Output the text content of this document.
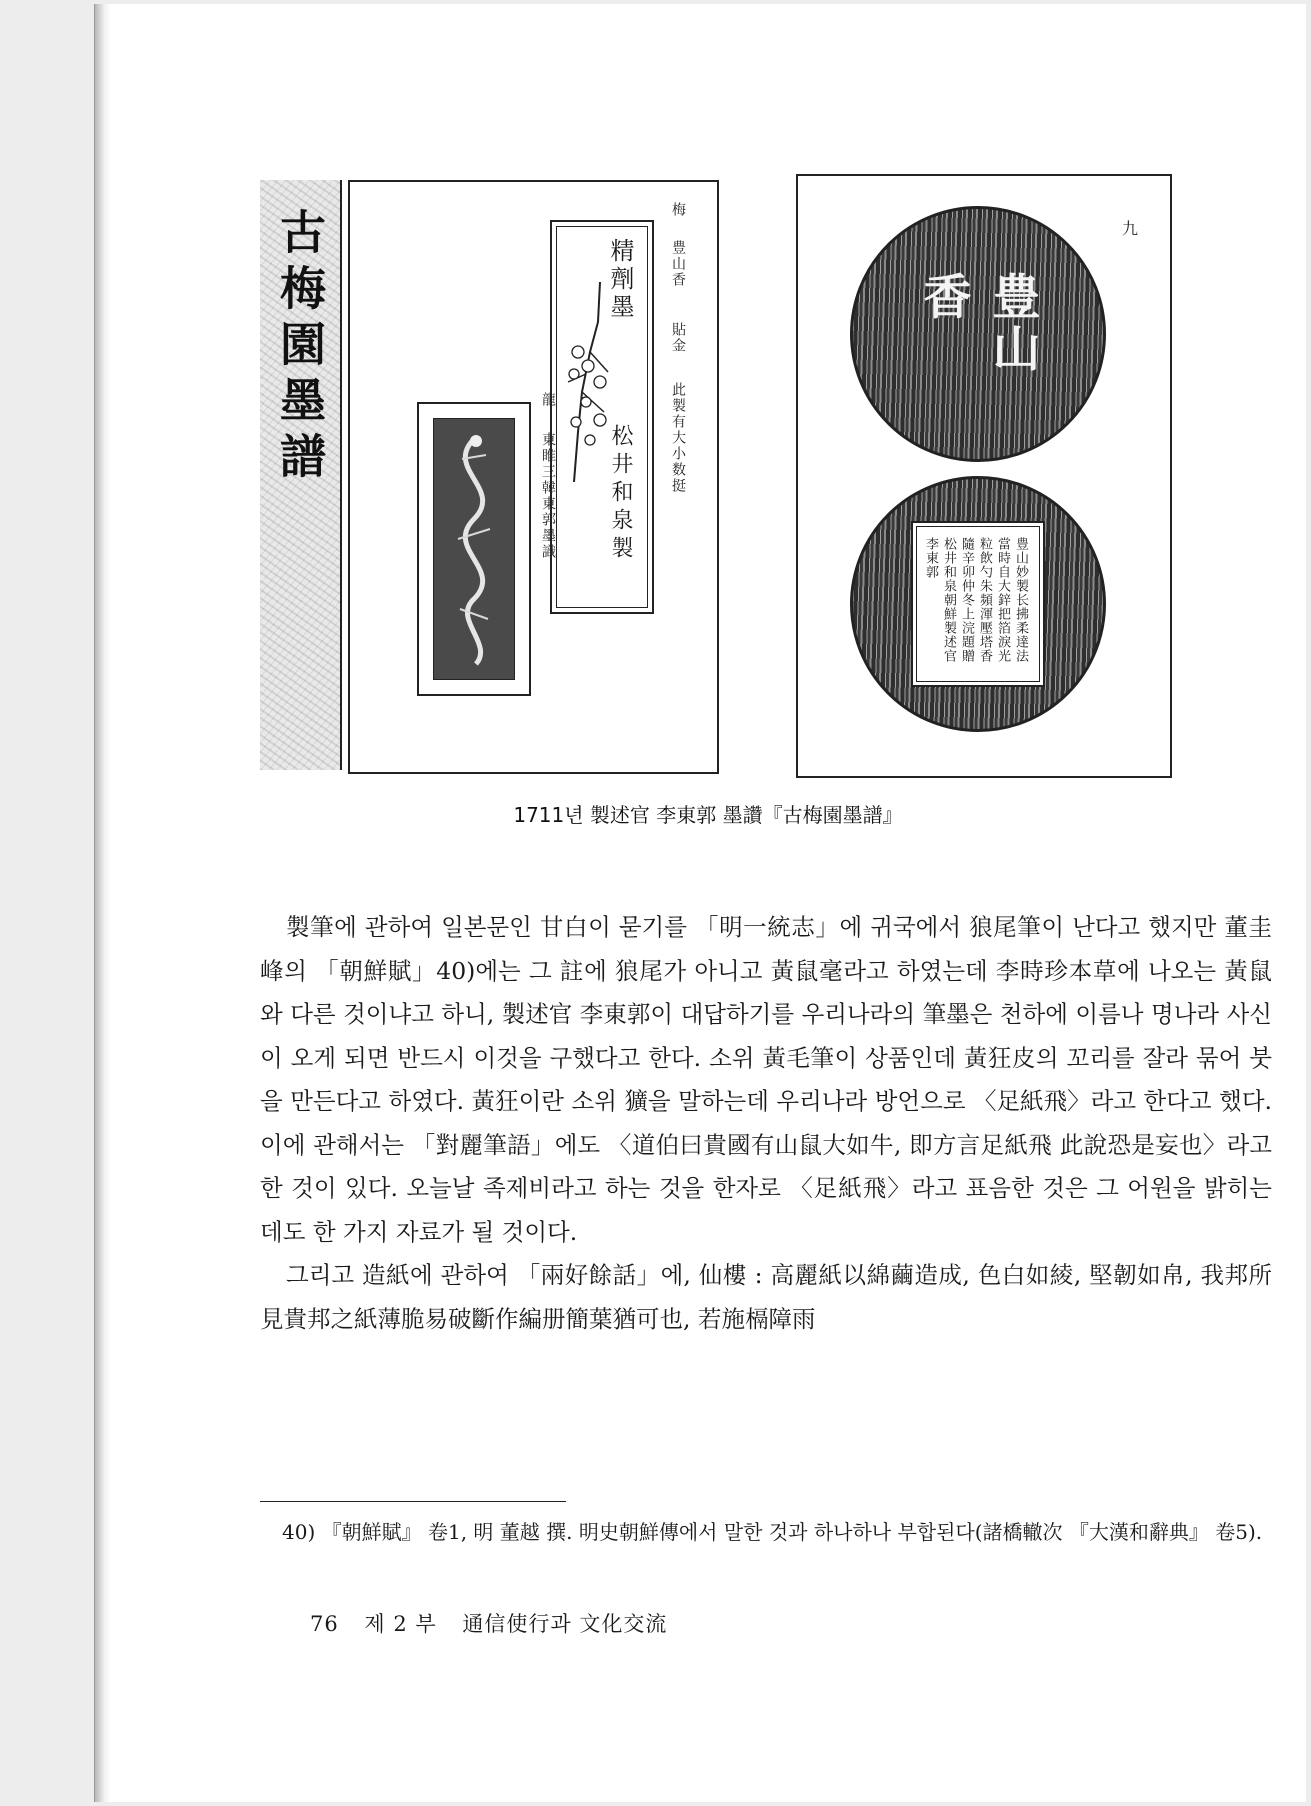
古梅園墨譜	精劑墨
松井和泉製
梅
豊山香
貼金
此製有大小数挺
龍
東睢三韓東郭墨識
九
豊山香
豊山妙製长拂柔達法當時自大鋅把箔淚光粒飲勺朱頻渾壓塔香隨辛卯仲冬上浣題贈松井和泉朝鮮製述官李東郭
1711년 製述官 李東郭 墨讚『古梅園墨譜』

製筆에 관하여 일본문인 甘白이 묻기를 「明一統志」에 귀국에서 狼尾筆이 난다고 했지만 董圭峰의 「朝鮮賦」40)에는 그 註에 狼尾가 아니고 黃鼠毫라고 하였는데 李時珍本草에 나오는 黃鼠와 다른 것이냐고 하니, 製述官 李東郭이 대답하기를 우리나라의 筆墨은 천하에 이름나 명나라 사신이 오게 되면 반드시 이것을 구했다고 한다. 소위 黃毛筆이 상품인데 黃狂皮의 꼬리를 잘라 묶어 붓을 만든다고 하였다. 黃狂이란 소위 獷을 말하는데 우리나라 방언으로 〈足紙飛〉라고 한다고 했다. 이에 관해서는 「對麗筆語」에도 〈道伯曰貴國有山鼠大如牛, 即方言足紙飛 此說恐是妄也〉라고 한 것이 있다. 오늘날 족제비라고 하는 것을 한자로 〈足紙飛〉라고 표음한 것은 그 어원을 밝히는 데도 한 가지 자료가 될 것이다.

그리고 造紙에 관하여 「兩好餘話」에, 仙樓 : 高麗紙以綿繭造成, 色白如綾, 堅韌如帛, 我邦所見貴邦之紙薄脆易破斷作編册簡葉猶可也, 若施槅障雨

40) 『朝鮮賦』 卷1, 明 董越 撰. 明史朝鮮傳에서 말한 것과 하나하나 부합된다(諸橋轍次 『大漢和辭典』 卷5).

76 제 2 부 通信使行과 文化交流
